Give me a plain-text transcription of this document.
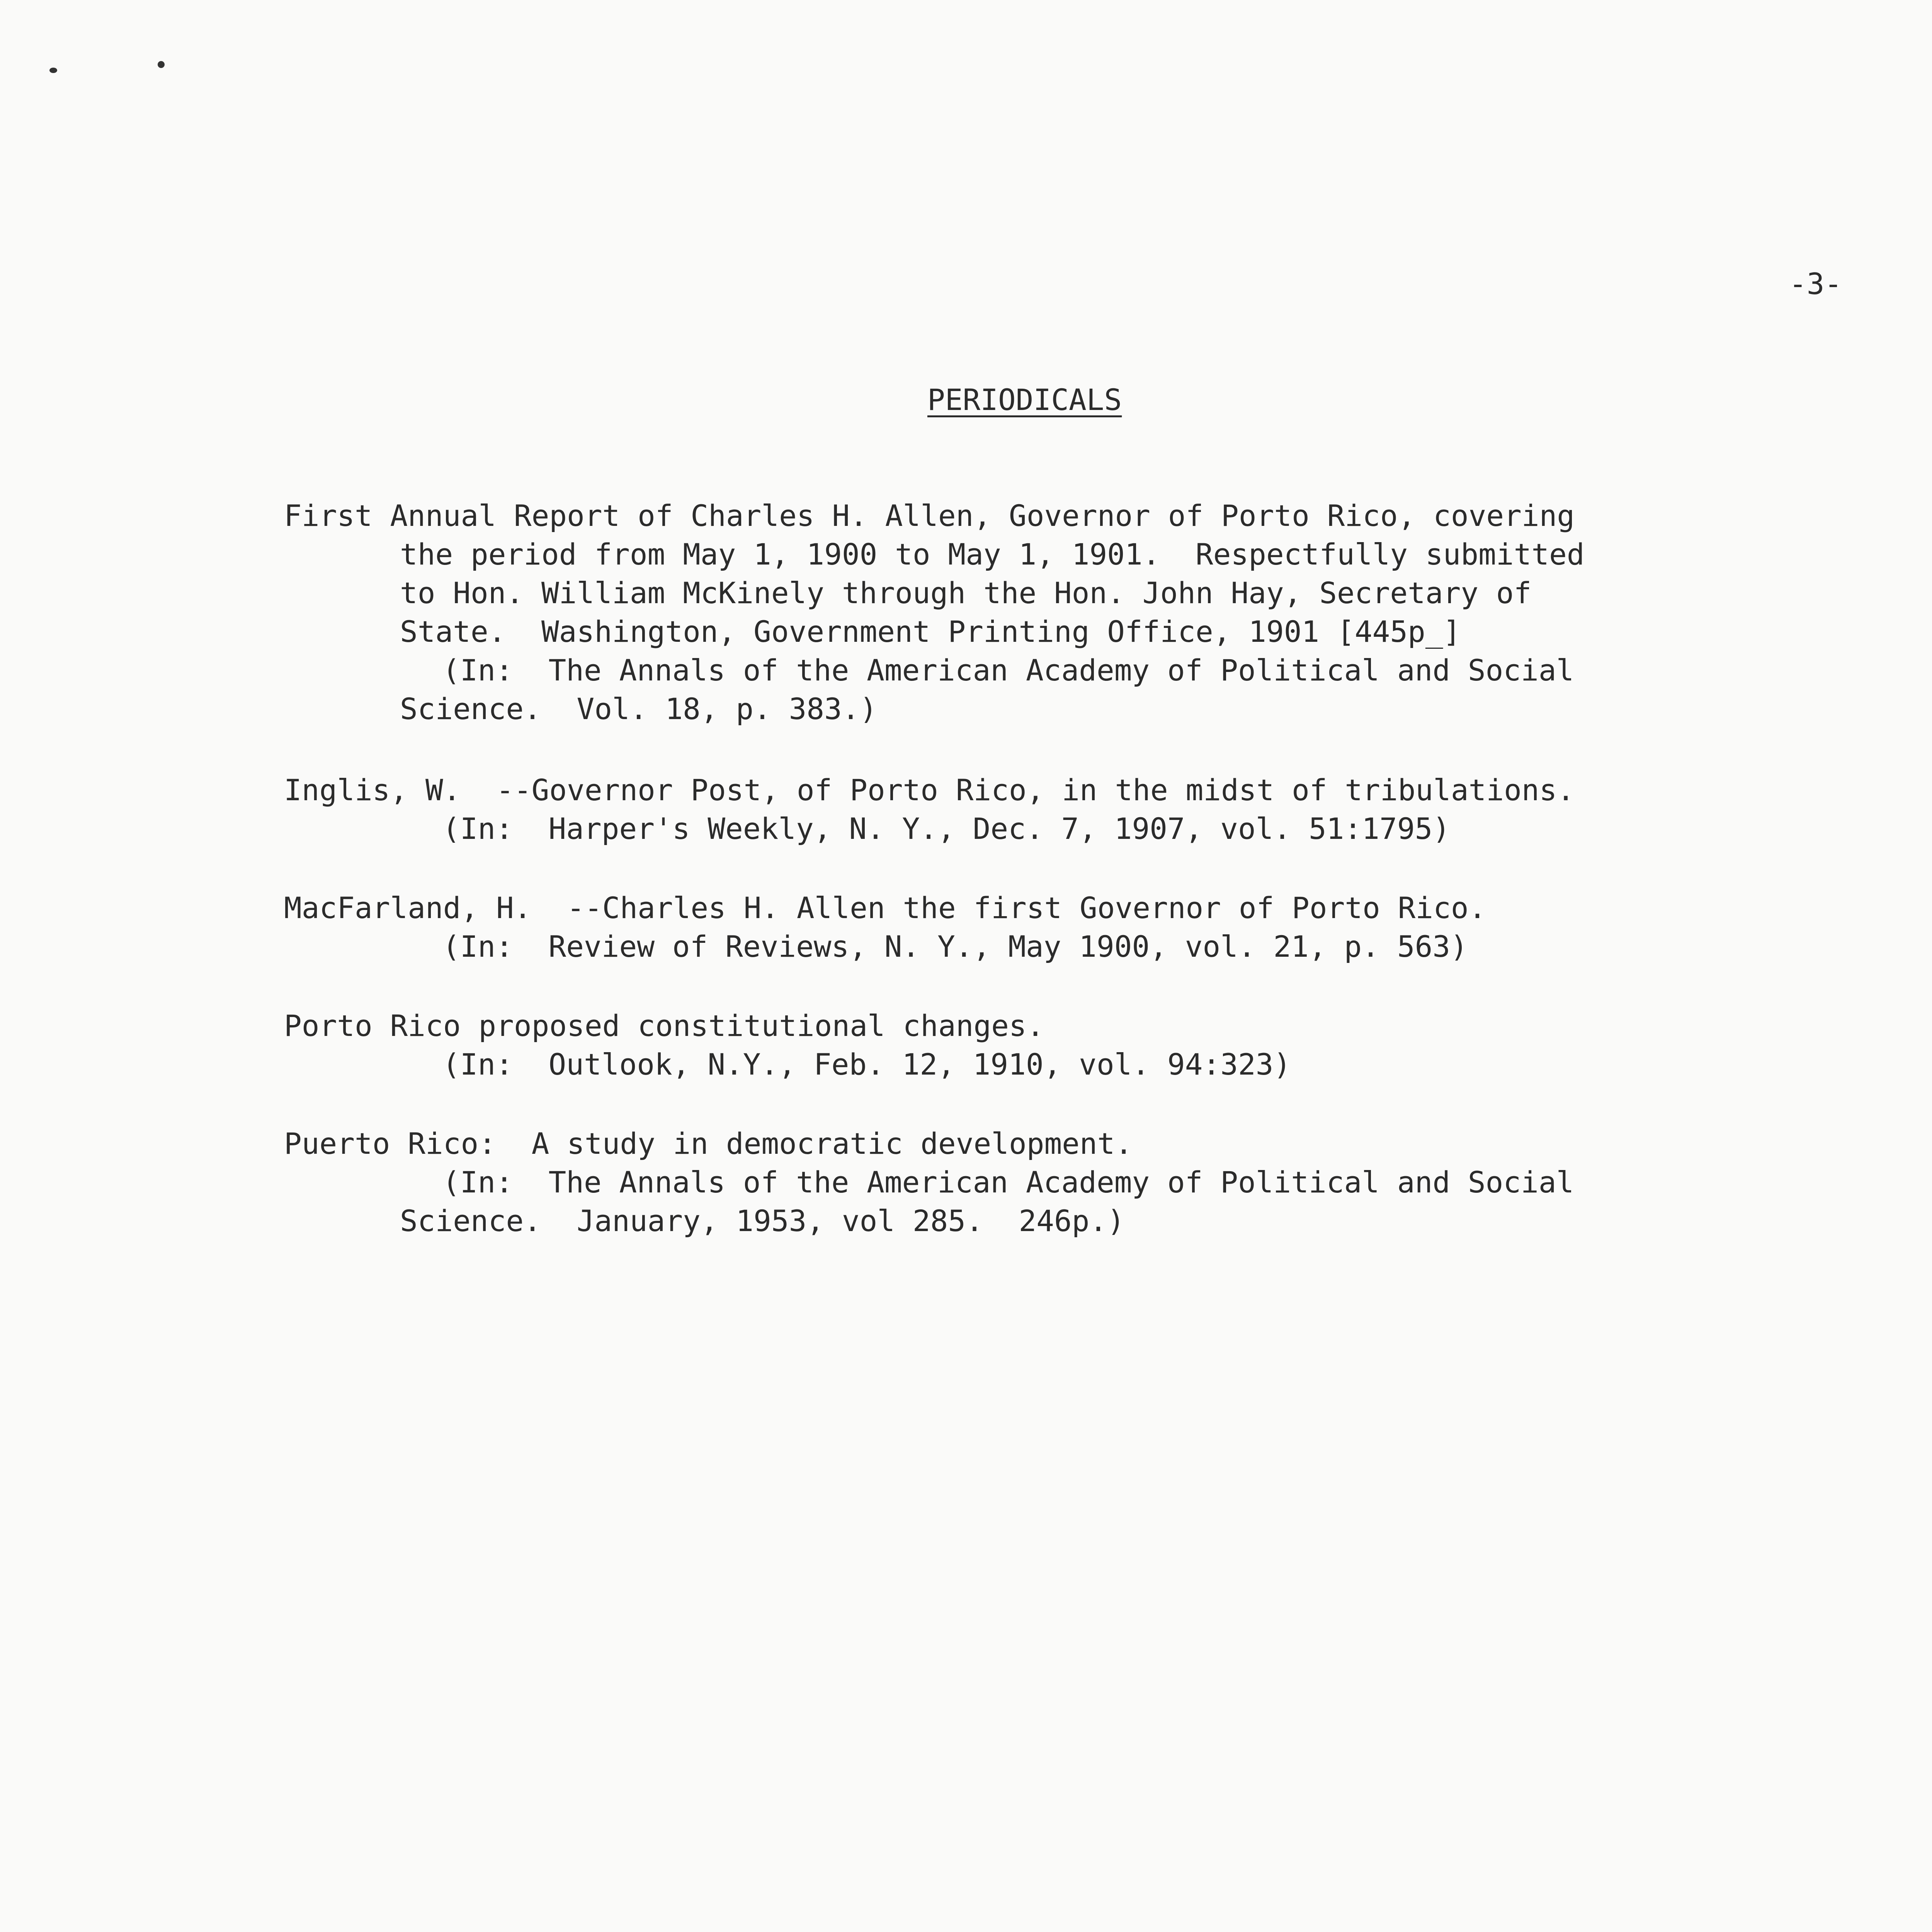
-3-
PERIODICALS
First Annual Report of Charles H. Allen, Governor of Porto Rico, covering
the period from May 1, 1900 to May 1, 1901.  Respectfully submitted
to Hon. William McKinely through the Hon. John Hay, Secretary of
State.  Washington, Government Printing Office, 1901 [445p_]
(In:  The Annals of the American Academy of Political and Social
Science.  Vol. 18, p. 383.)
Inglis, W.  --Governor Post, of Porto Rico, in the midst of tribulations.
(In:  Harper's Weekly, N. Y., Dec. 7, 1907, vol. 51:1795)
MacFarland, H.  --Charles H. Allen the first Governor of Porto Rico.
(In:  Review of Reviews, N. Y., May 1900, vol. 21, p. 563)
Porto Rico proposed constitutional changes.
(In:  Outlook, N.Y., Feb. 12, 1910, vol. 94:323)
Puerto Rico:  A study in democratic development.
(In:  The Annals of the American Academy of Political and Social
Science.  January, 1953, vol 285.  246p.)
